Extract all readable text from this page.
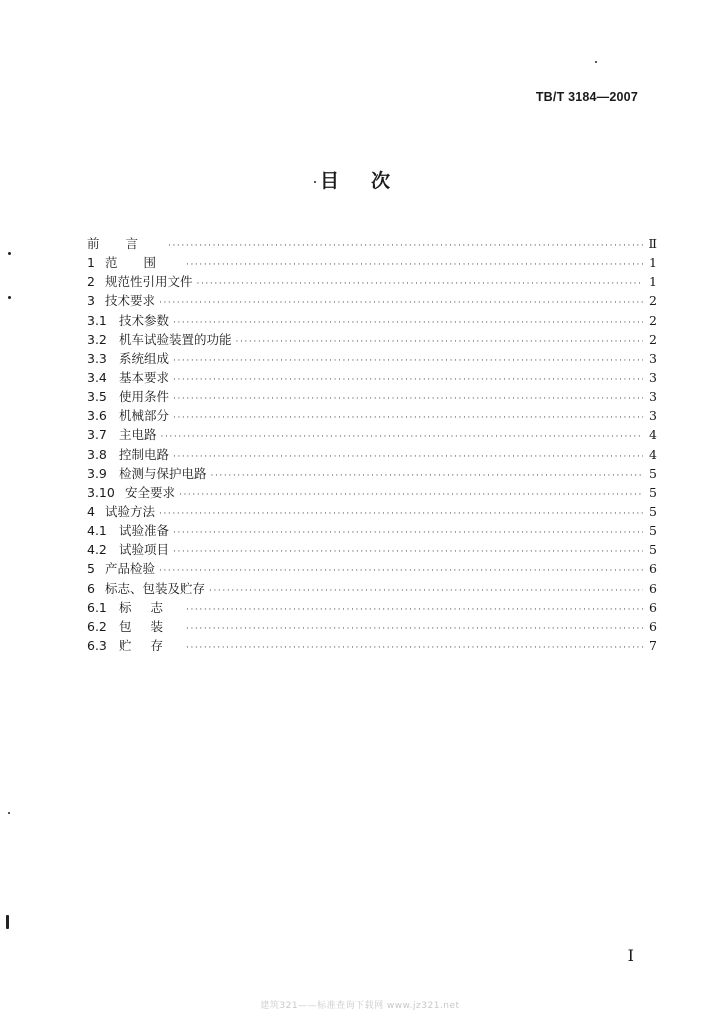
TB/T 3184—2007
目次
前言 ·····	Ⅱ
1 范围 ·····	1
2 规范性引用文件 ·····	1
3 技术要求 ·····	2
3.1 技术参数 ·····	2
3.2 机车试验装置的功能 ·····	2
3.3 系统组成 ·····	3
3.4 基本要求 ·····	3
3.5 使用条件 ·····	3
3.6 机械部分 ·····	3
3.7 主电路 ·····	4
3.8 控制电路 ·····	4
3.9 检测与保护电路 ·····	5
3.10 安全要求 ·····	5
4 试验方法 ·····	5
4.1 试验准备 ·····	5
4.2 试验项目 ·····	5
5 产品检验 ·····	6
6 标志、包装及贮存 ·····	6
6.1 标志 ·····	6
6.2 包装 ·····	6
6.3 贮存 ·····	7
I
建筑321——标准查询下载网 www.jz321.net
